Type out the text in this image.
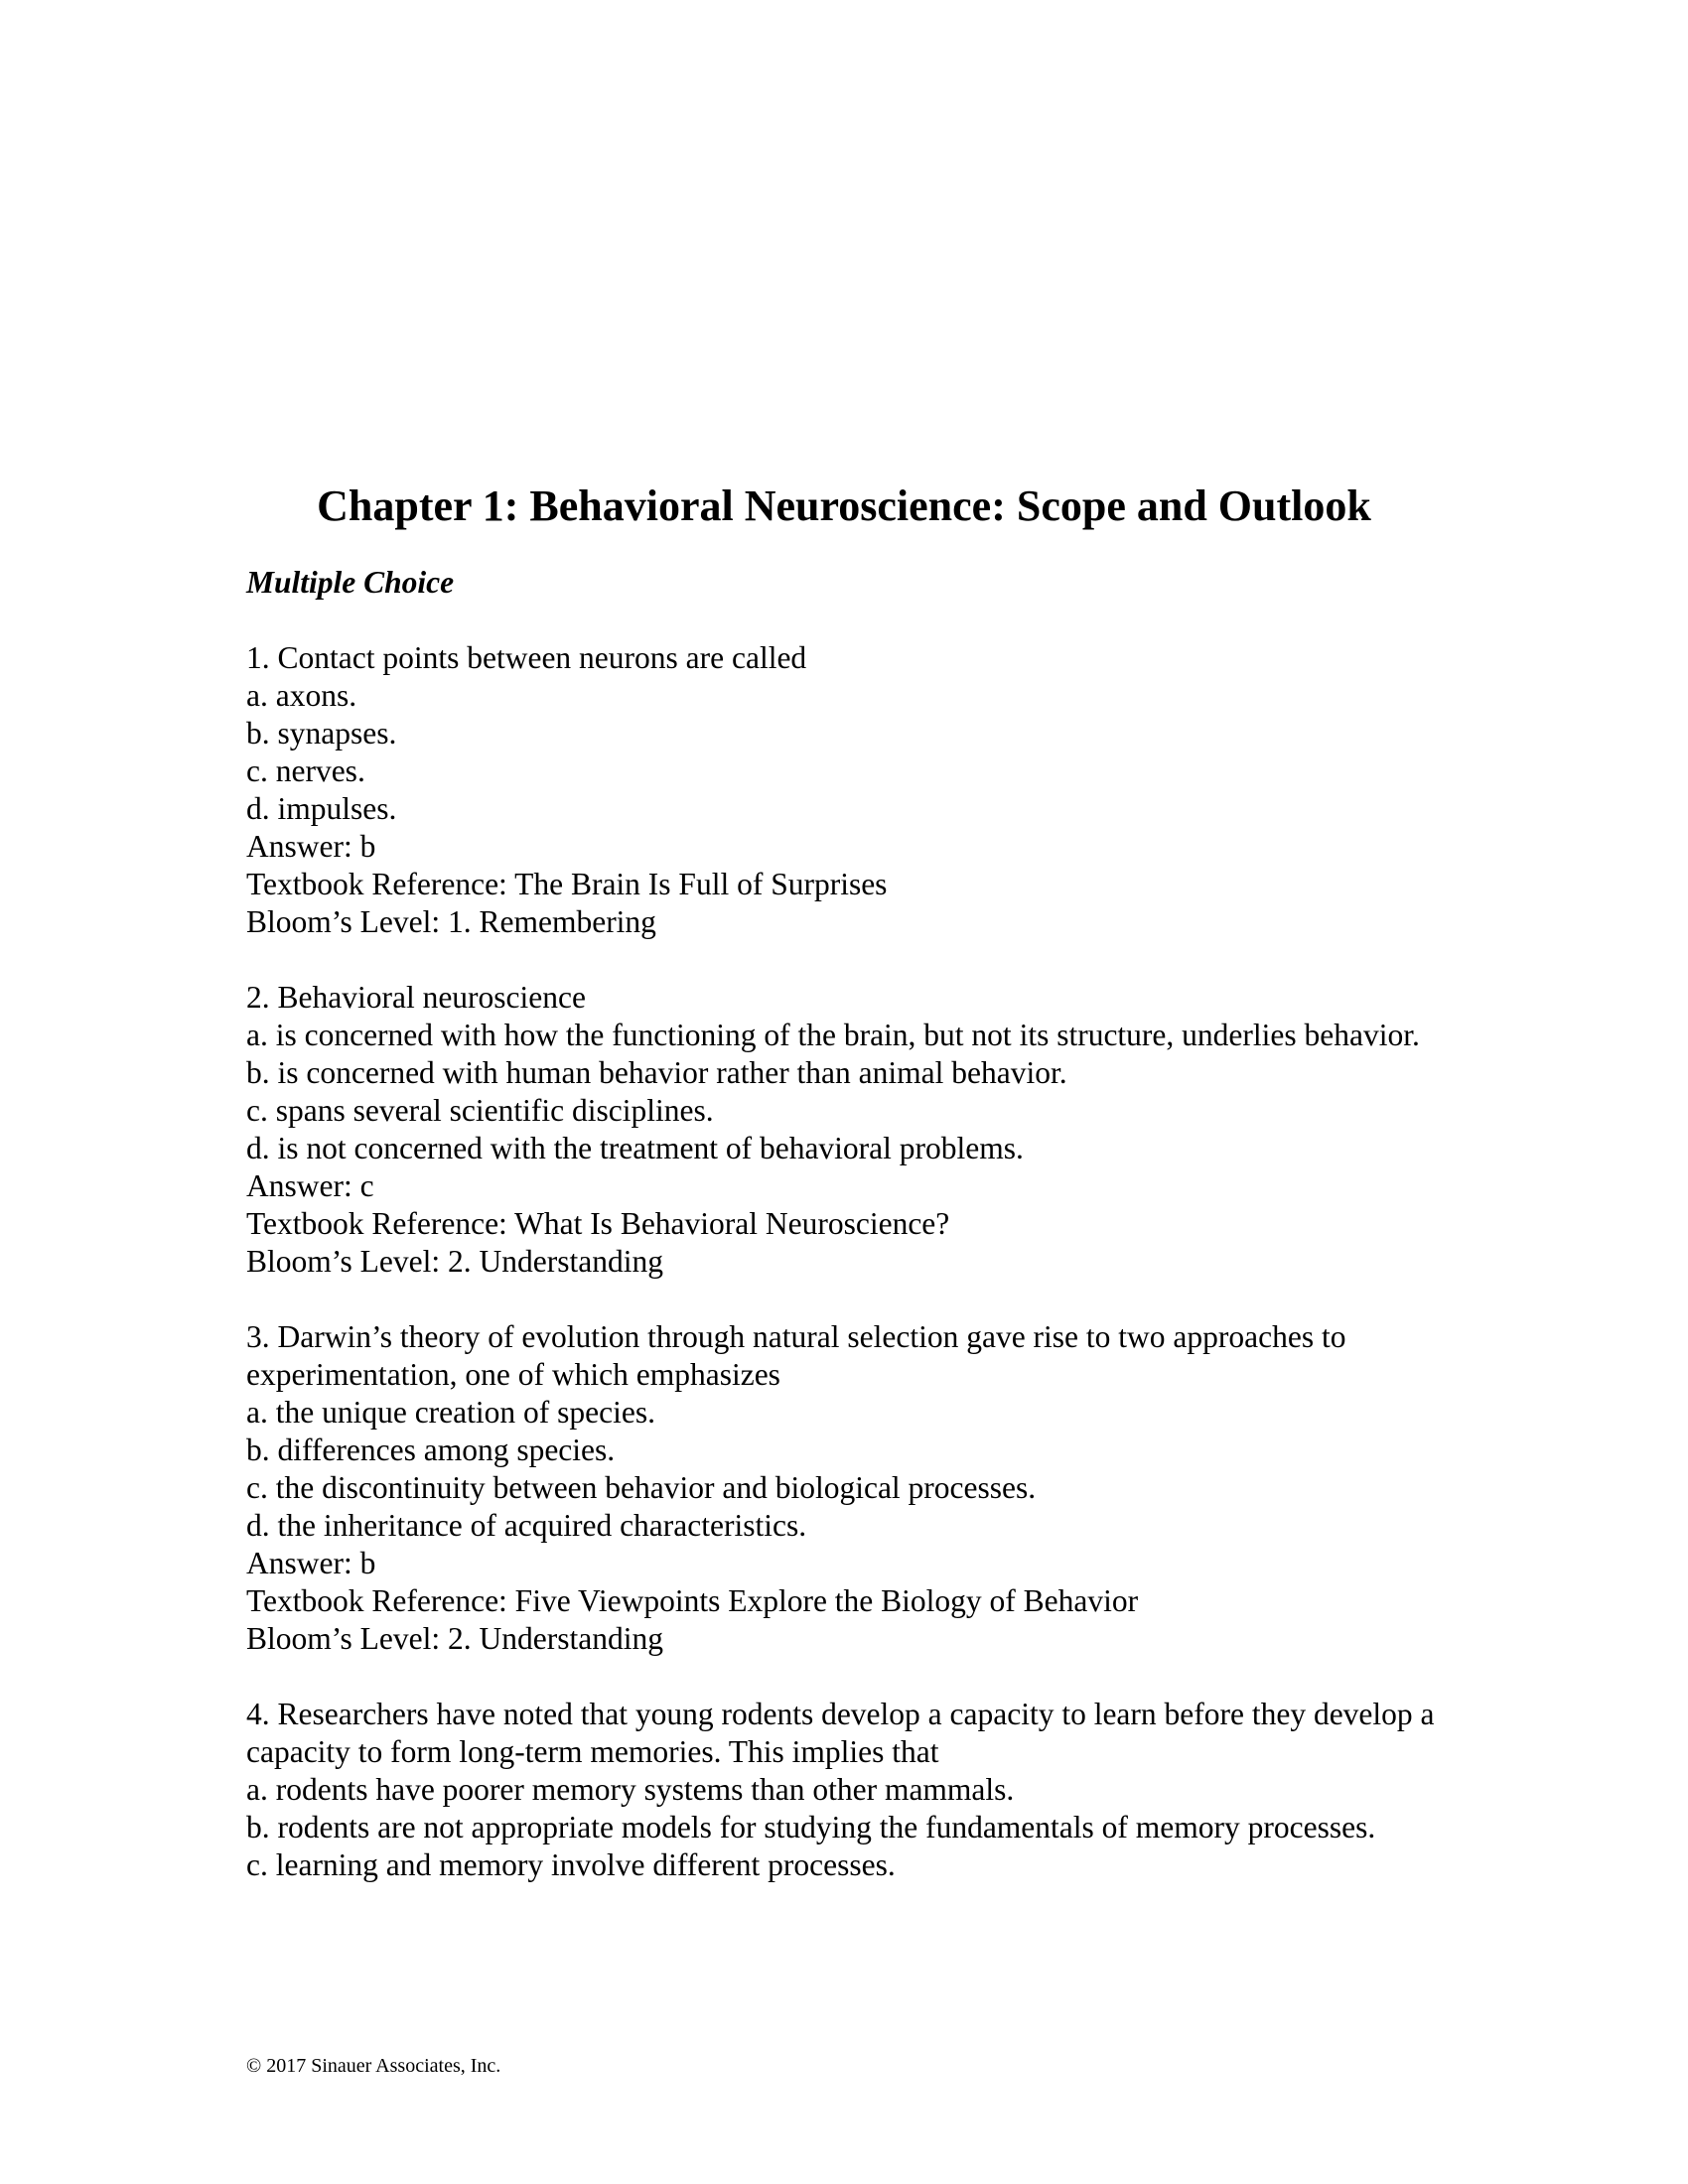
Chapter 1: Behavioral Neuroscience: Scope and Outlook
Multiple Choice
1. Contact points between neurons are called
a. axons.
b. synapses.
c. nerves.
d. impulses.
Answer: b
Textbook Reference: The Brain Is Full of Surprises
Bloom’s Level: 1. Remembering
2. Behavioral neuroscience
a. is concerned with how the functioning of the brain, but not its structure, underlies behavior.
b. is concerned with human behavior rather than animal behavior.
c. spans several scientific disciplines.
d. is not concerned with the treatment of behavioral problems.
Answer: c
Textbook Reference: What Is Behavioral Neuroscience?
Bloom’s Level: 2. Understanding
3. Darwin’s theory of evolution through natural selection gave rise to two approaches to experimentation, one of which emphasizes
a. the unique creation of species.
b. differences among species.
c. the discontinuity between behavior and biological processes.
d. the inheritance of acquired characteristics.
Answer: b
Textbook Reference: Five Viewpoints Explore the Biology of Behavior
Bloom’s Level: 2. Understanding
4. Researchers have noted that young rodents develop a capacity to learn before they develop a capacity to form long-term memories. This implies that
a. rodents have poorer memory systems than other mammals.
b. rodents are not appropriate models for studying the fundamentals of memory processes.
c. learning and memory involve different processes.
© 2017 Sinauer Associates, Inc.
